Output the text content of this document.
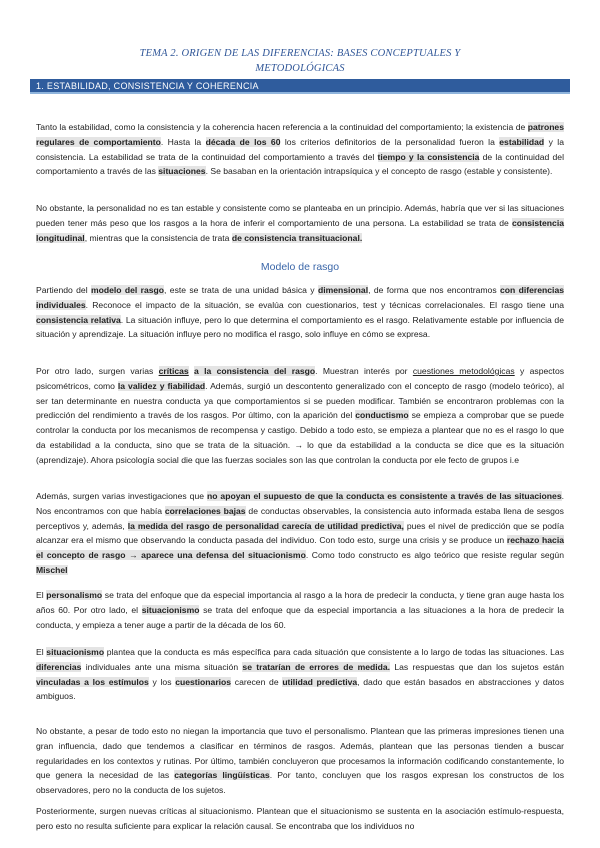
TEMA 2. ORIGEN DE LAS DIFERENCIAS: BASES CONCEPTUALES Y
METODOLÓGICAS
1. ESTABILIDAD, CONSISTENCIA Y COHERENCIA
Tanto la estabilidad, como la consistencia y la coherencia hacen referencia a la continuidad del comportamiento; la existencia de patrones regulares de comportamiento. Hasta la década de los 60 los criterios definitorios de la personalidad fueron la estabilidad y la consistencia. La estabilidad se trata de la continuidad del comportamiento a través del tiempo y la consistencia de la continuidad del comportamiento a través de las situaciones. Se basaban en la orientación intrapsíquica y el concepto de rasgo (estable y consistente).
No obstante, la personalidad no es tan estable y consistente como se planteaba en un principio. Además, habría que ver si las situaciones pueden tener más peso que los rasgos a la hora de inferir el comportamiento de una persona. La estabilidad se trata de consistencia longitudinal, mientras que la consistencia de trata de consistencia transituacional.
Modelo de rasgo
Partiendo del modelo del rasgo, este se trata de una unidad básica y dimensional, de forma que nos encontramos con diferencias individuales. Reconoce el impacto de la situación, se evalúa con cuestionarios, test y técnicas correlacionales. El rasgo tiene una consistencia relativa. La situación influye, pero lo que determina el comportamiento es el rasgo. Relativamente estable por influencia de situación y aprendizaje. La situación influye pero no modifica el rasgo, solo influye en cómo se expresa.
Por otro lado, surgen varias críticas a la consistencia del rasgo. Muestran interés por cuestiones metodológicas y aspectos psicométricos, como la validez y fiabilidad. Además, surgió un descontento generalizado con el concepto de rasgo (modelo teórico), al ser tan determinante en nuestra conducta ya que comportamientos si se pueden modificar. También se encontraron problemas con la predicción del rendimiento a través de los rasgos. Por último, con la aparición del conductismo se empieza a comprobar que se puede controlar la conducta por los mecanismos de recompensa y castigo. Debido a todo esto, se empieza a plantear que no es el rasgo lo que da estabilidad a la conducta, sino que se trata de la situación. → lo que da estabilidad a la conducta se dice que es la situación (aprendizaje). Ahora psicología social die que las fuerzas sociales son las que controlan la conducta por ele fecto de grupos i.e
Además, surgen varias investigaciones que no apoyan el supuesto de que la conducta es consistente a través de las situaciones. Nos encontramos con que había correlaciones bajas de conductas observables, la consistencia auto informada estaba llena de sesgos perceptivos y, además, la medida del rasgo de personalidad carecía de utilidad predictiva, pues el nivel de predicción que se podía alcanzar era el mismo que observando la conducta pasada del individuo. Con todo esto, surge una crisis y se produce un rechazo hacia el concepto de rasgo → aparece una defensa del situacionismo. Como todo constructo es algo teórico que resiste regular según Mischel
El personalismo se trata del enfoque que da especial importancia al rasgo a la hora de predecir la conducta, y tiene gran auge hasta los años 60. Por otro lado, el situacionismo se trata del enfoque que da especial importancia a las situaciones a la hora de predecir la conducta, y empieza a tener auge a partir de la década de los 60.
El situacionismo plantea que la conducta es más específica para cada situación que consistente a lo largo de todas las situaciones. Las diferencias individuales ante una misma situación se tratarían de errores de medida. Las respuestas que dan los sujetos están vinculadas a los estímulos y los cuestionarios carecen de utilidad predictiva, dado que están basados en abstracciones y datos ambiguos.
No obstante, a pesar de todo esto no niegan la importancia que tuvo el personalismo. Plantean que las primeras impresiones tienen una gran influencia, dado que tendemos a clasificar en términos de rasgos. Además, plantean que las personas tienden a buscar regularidades en los contextos y rutinas. Por último, también concluyeron que procesamos la información codificando constantemente, lo que genera la necesidad de las categorías lingüísticas. Por tanto, concluyen que los rasgos expresan los constructos de los observadores, pero no la conducta de los sujetos.
Posteriormente, surgen nuevas críticas al situacionismo. Plantean que el situacionismo se sustenta en la asociación estímulo-respuesta, pero esto no resulta suficiente para explicar la relación causal. Se encontraba que los individuos no
